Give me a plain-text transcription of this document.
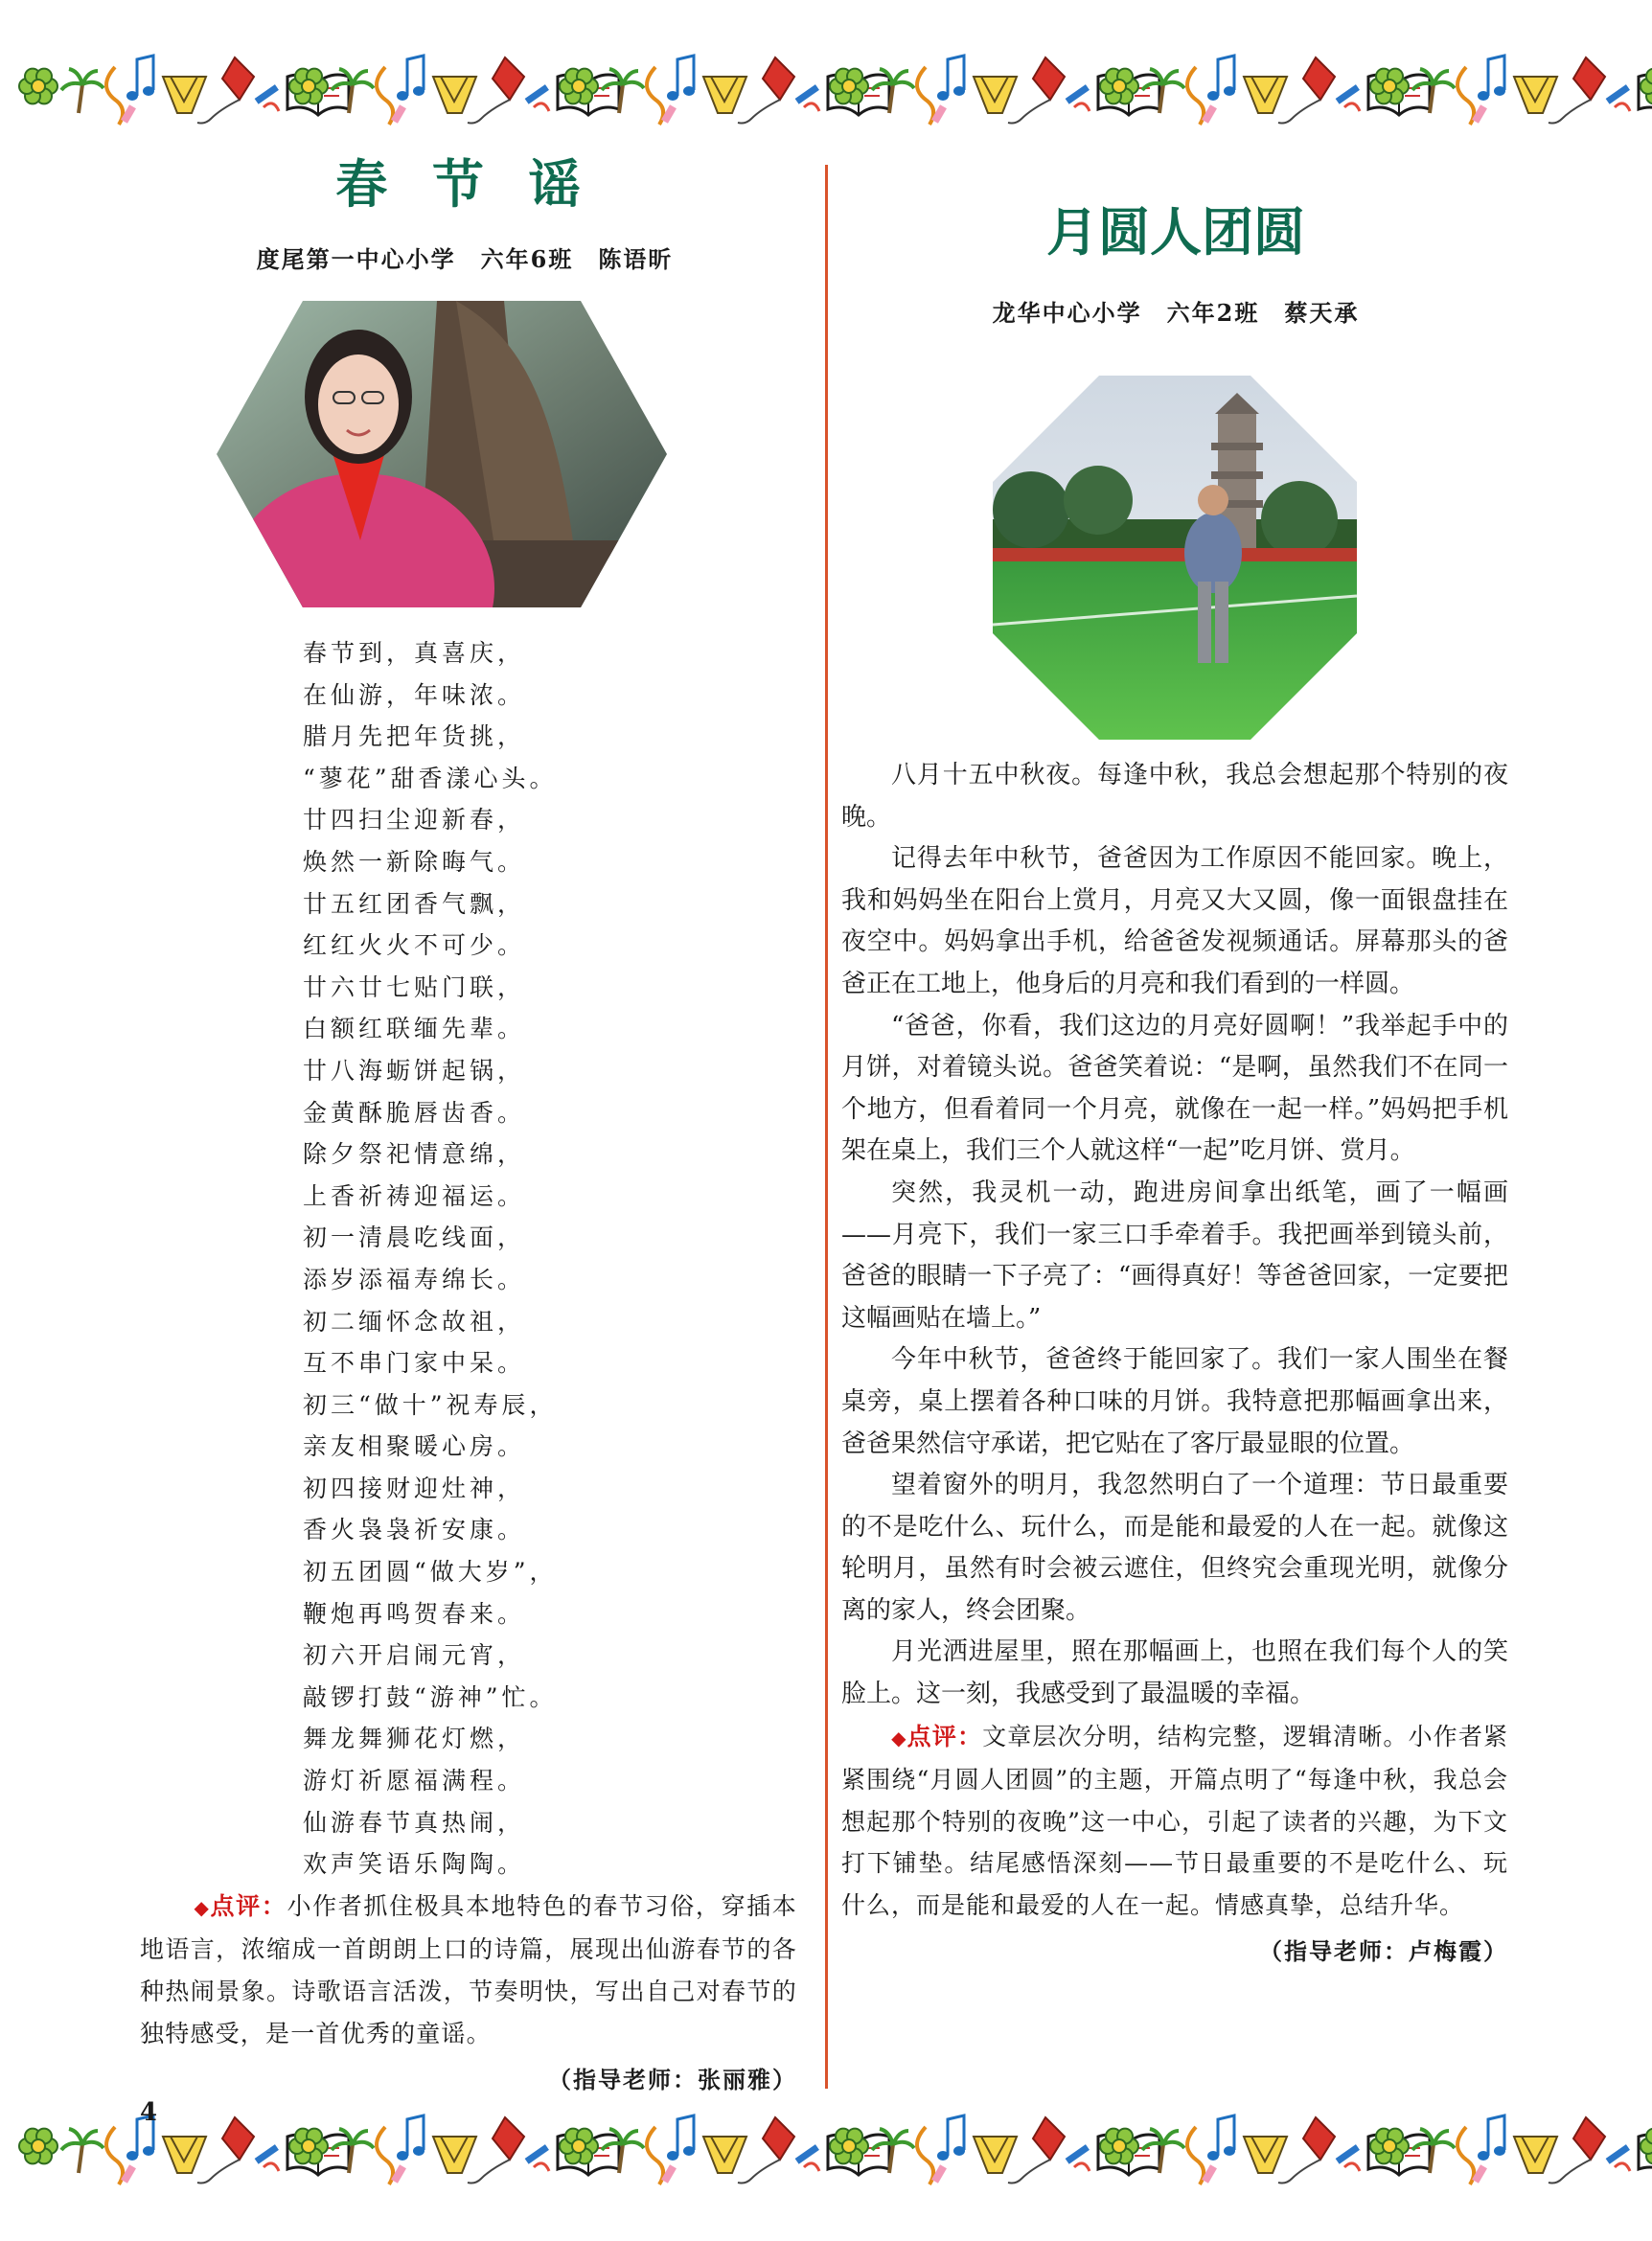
春 节 谣
度尾第一中心小学　六年6班　陈语昕
春节到，真喜庆，
在仙游，年味浓。
腊月先把年货挑，
“蓼花”甜香漾心头。
廿四扫尘迎新春，
焕然一新除晦气。
廿五红团香气飘，
红红火火不可少。
廿六廿七贴门联，
白额红联缅先辈。
廿八海蛎饼起锅，
金黄酥脆唇齿香。
除夕祭祀情意绵，
上香祈祷迎福运。
初一清晨吃线面，
添岁添福寿绵长。
初二缅怀念故祖，
互不串门家中呆。
初三“做十”祝寿辰，
亲友相聚暖心房。
初四接财迎灶神，
香火袅袅祈安康。
初五团圆“做大岁”，
鞭炮再鸣贺春来。
初六开启闹元宵，
敲锣打鼓“游神”忙。
舞龙舞狮花灯燃，
游灯祈愿福满程。
仙游春节真热闹，
欢声笑语乐陶陶。
◆点评：小作者抓住极具本地特色的春节习俗，穿插本地语言，浓缩成一首朗朗上口的诗篇，展现出仙游春节的各种热闹景象。诗歌语言活泼，节奏明快，写出自己对春节的独特感受，是一首优秀的童谣。
（指导老师：张丽雅）
月圆人团圆
龙华中心小学　六年2班　蔡天承

八月十五中秋夜。每逢中秋，我总会想起那个特别的夜晚。

记得去年中秋节，爸爸因为工作原因不能回家。晚上，我和妈妈坐在阳台上赏月，月亮又大又圆，像一面银盘挂在夜空中。妈妈拿出手机，给爸爸发视频通话。屏幕那头的爸爸正在工地上，他身后的月亮和我们看到的一样圆。

“爸爸，你看，我们这边的月亮好圆啊！”我举起手中的月饼，对着镜头说。爸爸笑着说：“是啊，虽然我们不在同一个地方，但看着同一个月亮，就像在一起一样。”妈妈把手机架在桌上，我们三个人就这样“一起”吃月饼、赏月。

突然，我灵机一动，跑进房间拿出纸笔，画了一幅画——月亮下，我们一家三口手牵着手。我把画举到镜头前，爸爸的眼睛一下子亮了：“画得真好！等爸爸回家，一定要把这幅画贴在墙上。”

今年中秋节，爸爸终于能回家了。我们一家人围坐在餐桌旁，桌上摆着各种口味的月饼。我特意把那幅画拿出来，爸爸果然信守承诺，把它贴在了客厅最显眼的位置。

望着窗外的明月，我忽然明白了一个道理：节日最重要的不是吃什么、玩什么，而是能和最爱的人在一起。就像这轮明月，虽然有时会被云遮住，但终究会重现光明，就像分离的家人，终会团聚。

月光洒进屋里，照在那幅画上，也照在我们每个人的笑脸上。这一刻，我感受到了最温暖的幸福。

◆点评：文章层次分明，结构完整，逻辑清晰。小作者紧紧围绕“月圆人团圆”的主题，开篇点明了“每逢中秋，我总会想起那个特别的夜晚”这一中心，引起了读者的兴趣，为下文打下铺垫。结尾感悟深刻——节日最重要的不是吃什么、玩什么，而是能和最爱的人在一起。情感真挚，总结升华。
（指导老师：卢梅霞）
4
